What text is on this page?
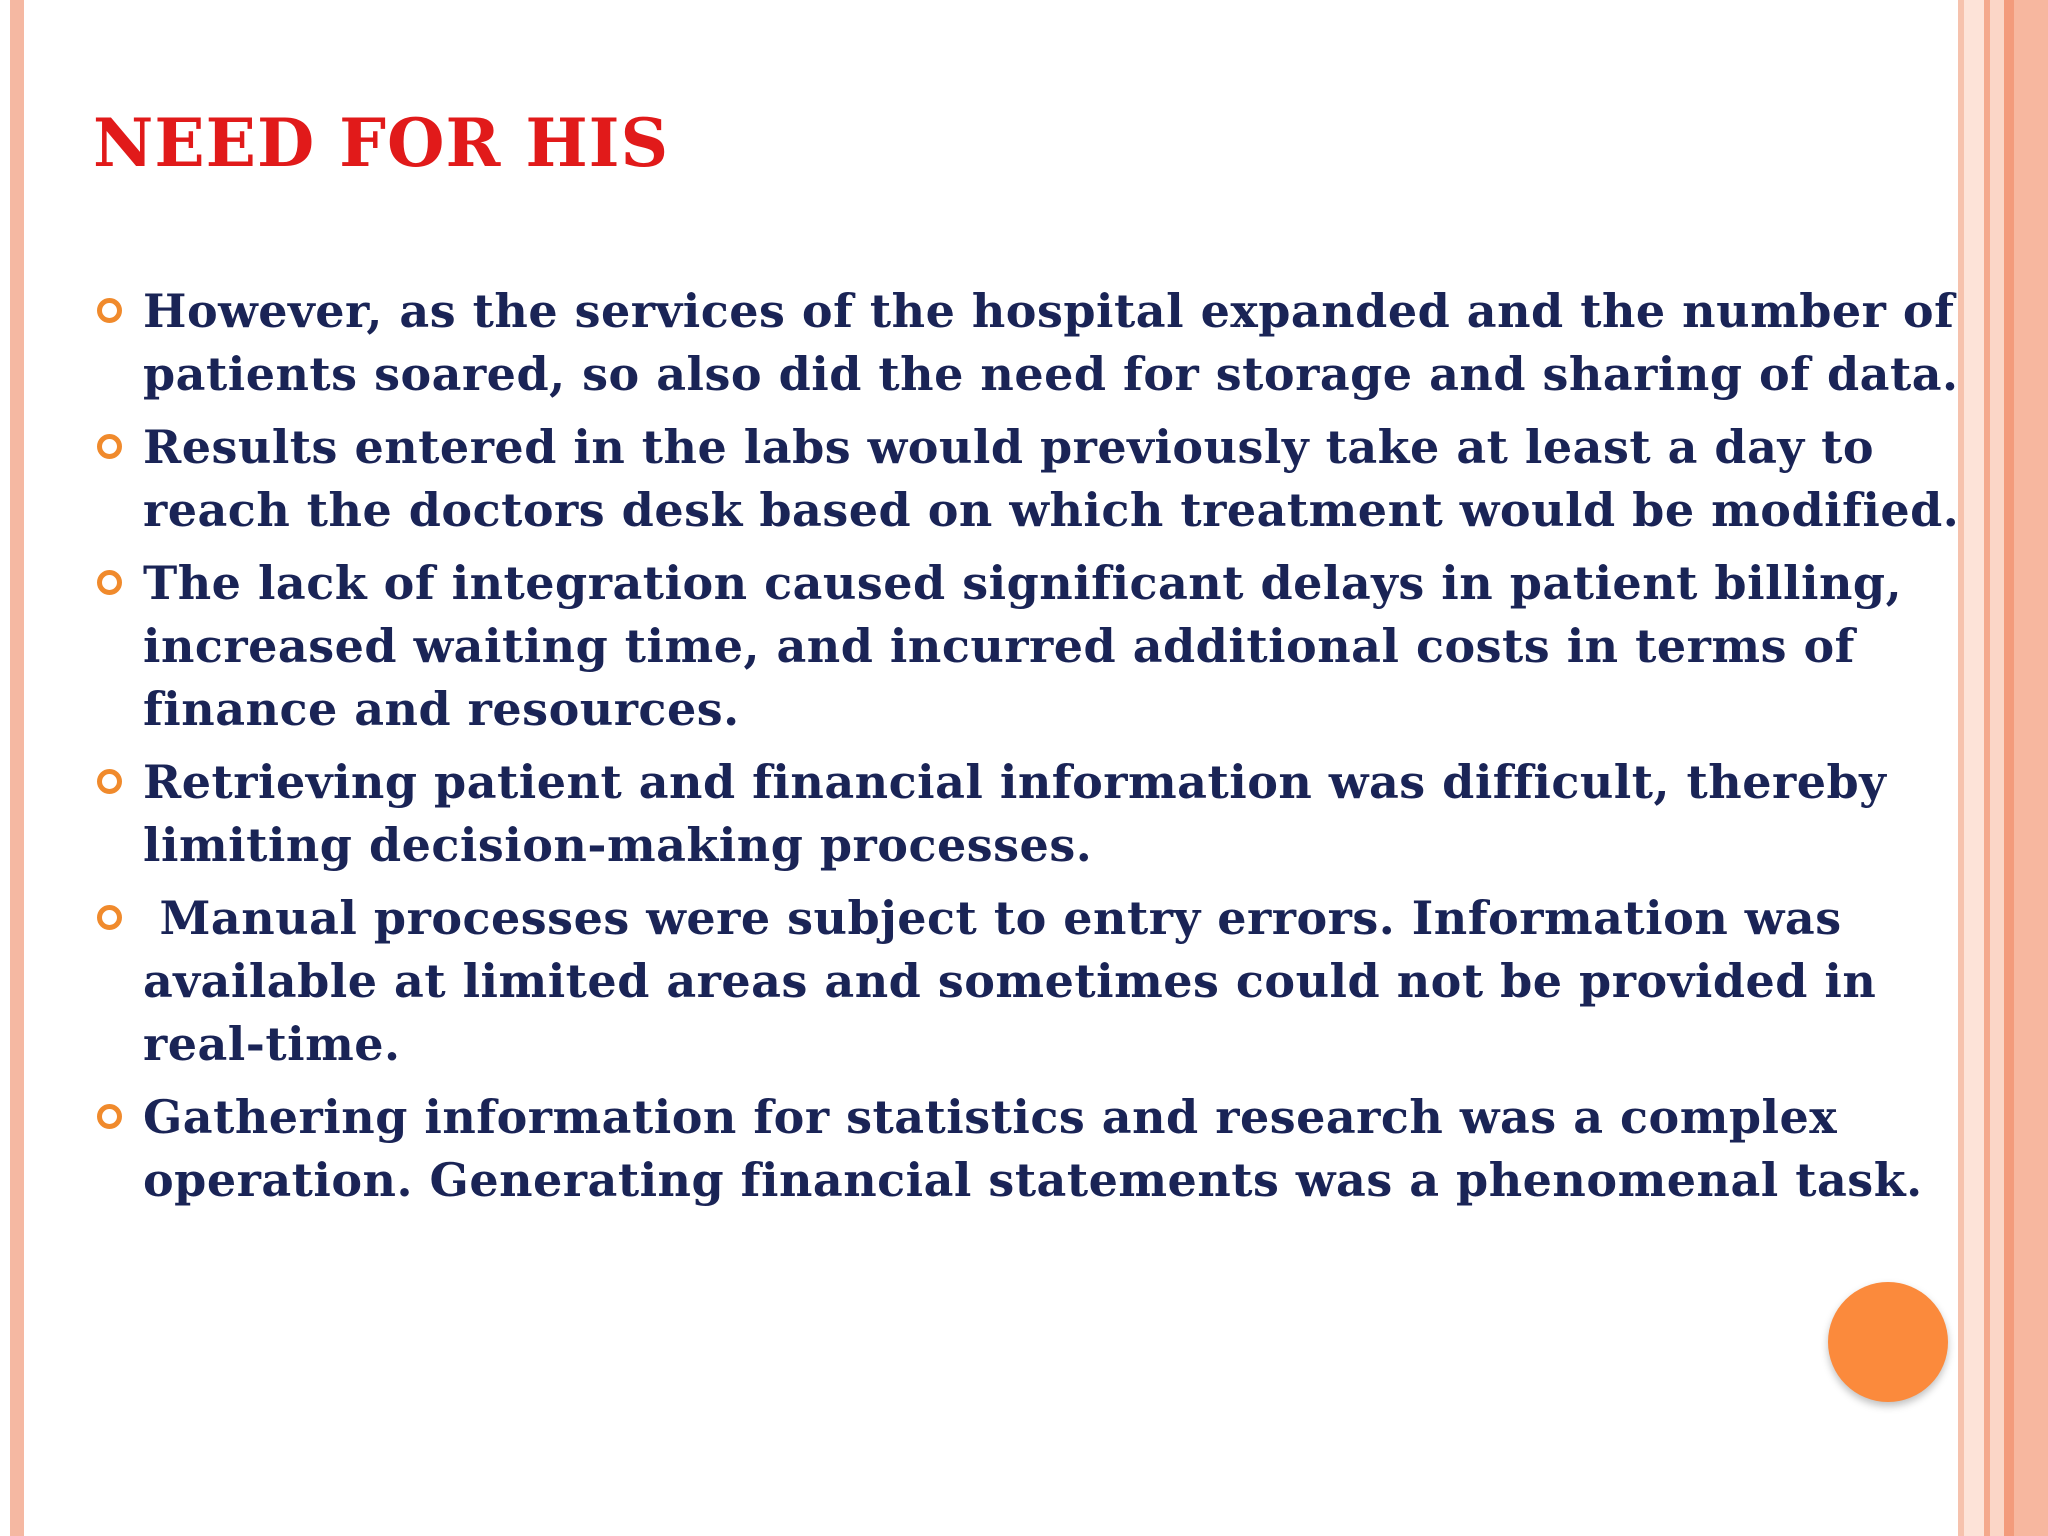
NEED FOR HIS
However, as the services of the hospital expanded and the number of patients soared, so also did the need for storage and sharing of data.
Results entered in the labs would previously take at least a day to reach the doctors desk based on which treatment would be modified.
The lack of integration caused significant delays in patient billing, increased waiting time, and incurred additional costs in terms of finance and resources.
Retrieving patient and financial information was difficult, thereby limiting decision-making processes.
Manual processes were subject to entry errors. Information was available at limited areas and sometimes could not be provided in real-time.
Gathering information for statistics and research was a complex operation. Generating financial statements was a phenomenal task.
